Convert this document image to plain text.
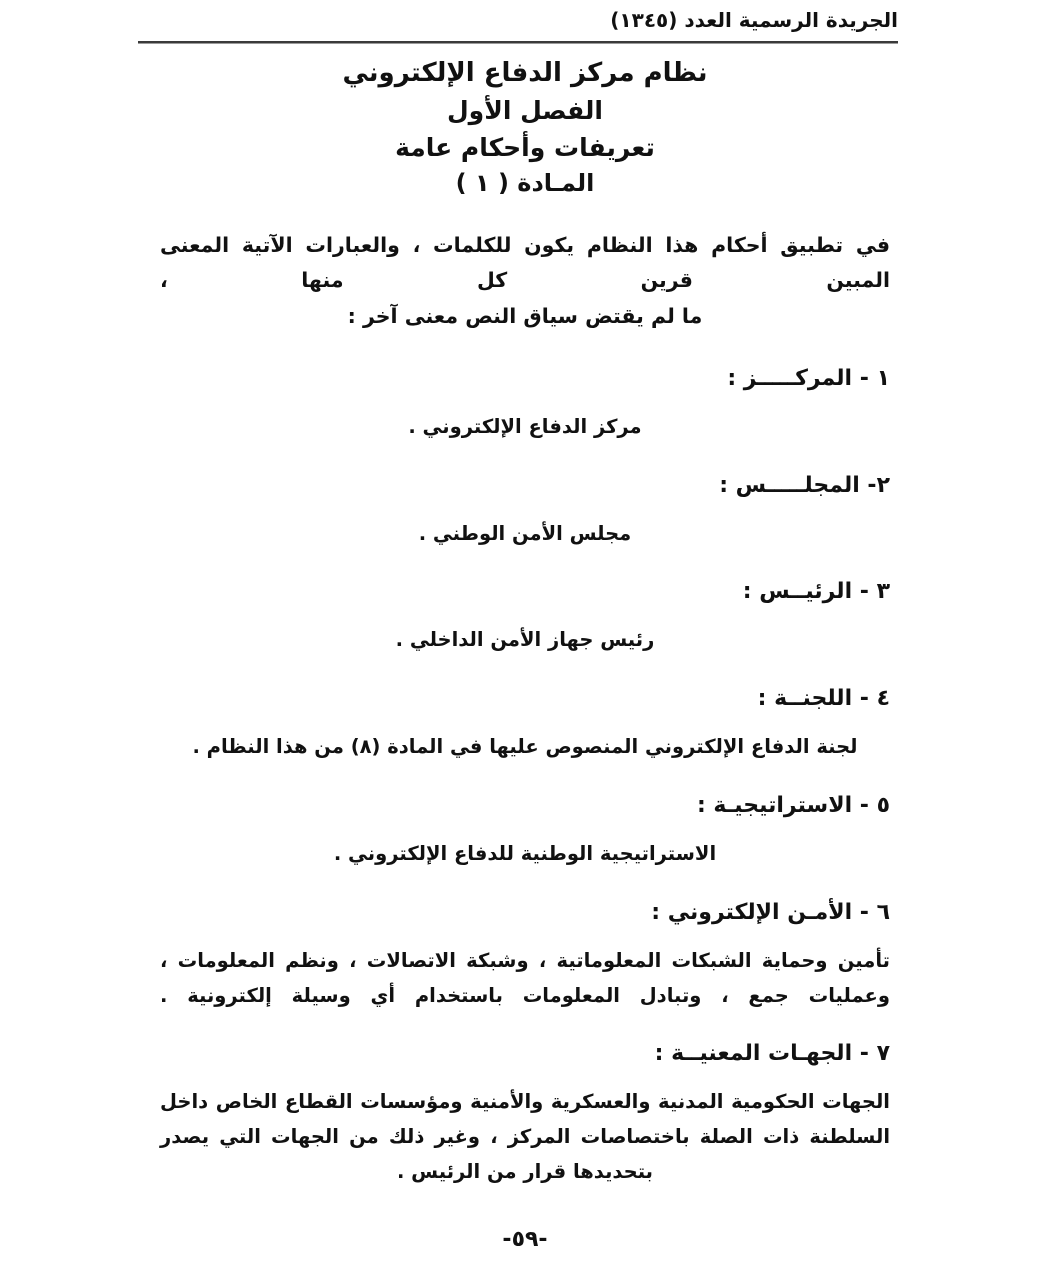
الجريدة الرسمية العدد (١٣٤٥)
نظام مركز الدفاع الإلكتروني
الفصل الأول
تعريفات وأحكام عامة
المـادة ( ١ )

في تطبيق أحكام هذا النظام يكون للكلمات ، والعبارات الآتية المعنى المبين قرين كل منها ،
ما لم يقتض سياق النص معنى آخر :

١ - المركـــــز :

مركز الدفاع الإلكتروني .

٢- المجلـــــس :

مجلس الأمن الوطني .

٣ - الرئيــس :

رئيس جهاز الأمن الداخلي .

٤ - اللجنــة :

لجنة الدفاع الإلكتروني المنصوص عليها في المادة (٨) من هذا النظام .

٥ - الاستراتيجيـة :

الاستراتيجية الوطنية للدفاع الإلكتروني .

٦ - الأمـن الإلكتروني :

تأمين وحماية الشبكات المعلوماتية ، وشبكة الاتصالات ، ونظم المعلومات ،
وعمليات جمع ، وتبادل المعلومات باستخدام أي وسيلة إلكترونية .

٧ - الجهـات المعنيــة :

الجهات الحكومية المدنية والعسكرية والأمنية ومؤسسات القطاع الخاص داخل
السلطنة ذات الصلة باختصاصات المركز ، وغير ذلك من الجهات التي يصدر
بتحديدها قرار من الرئيس .

-٥٩-
